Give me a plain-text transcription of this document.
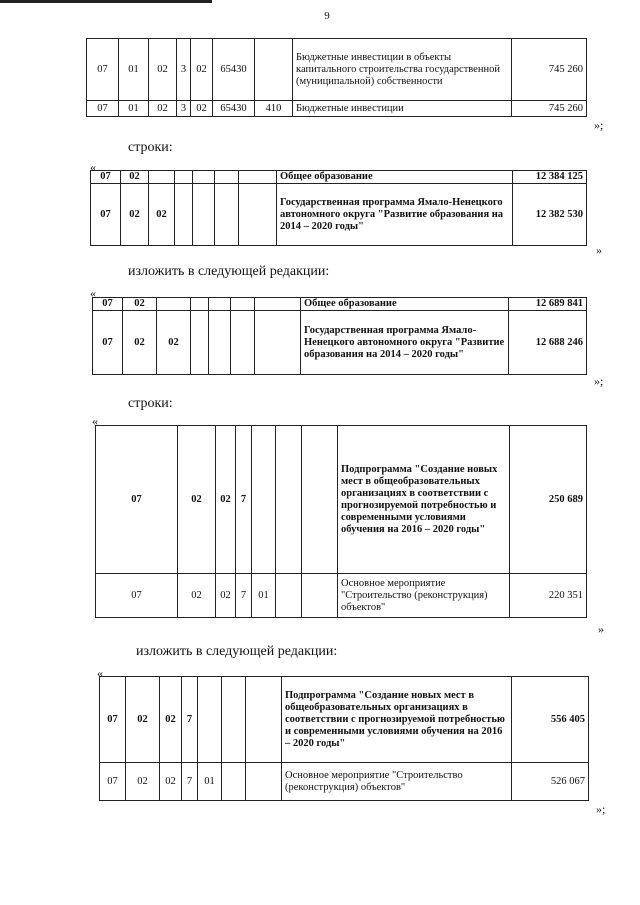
9
07	01	02	3	02	65430		Бюджетные инвестиции в объекты капитального строительства государственной (муниципальной) собственности	745 260
07	01	02	3	02	65430	410	Бюджетные инвестиции	745 260
»;
строки:
«
07	02						Общее образование	12 384 125
07	02	02					Государственная программа Ямало-Ненецкого автономного округа "Развитие образования на 2014 – 2020 годы"	12 382 530
»
изложить в следующей редакции:
«
07	02						Общее образование	12 689 841
07	02	02					Государственная программа Ямало-Ненецкого автономного округа "Развитие образования на 2014 – 2020 годы"	12 688 246
»;
строки:
«
07	02	02	7				Подпрограмма "Создание новых мест в общеобразовательных организациях в соответствии с прогнозируемой потребностью и современными условиями обучения на 2016 – 2020 годы"	250 689
07	02	02	7	01			Основное мероприятие "Строительство (реконструкция) объектов"	220 351
»
изложить в следующей редакции:
«
07	02	02	7				Подпрограмма "Создание новых мест в общеобразовательных организациях в соответствии с прогнозируемой потребностью и современными условиями обучения на 2016 – 2020 годы"	556 405
07	02	02	7	01			Основное мероприятие "Строительство (реконструкция) объектов"	526 067
»;
